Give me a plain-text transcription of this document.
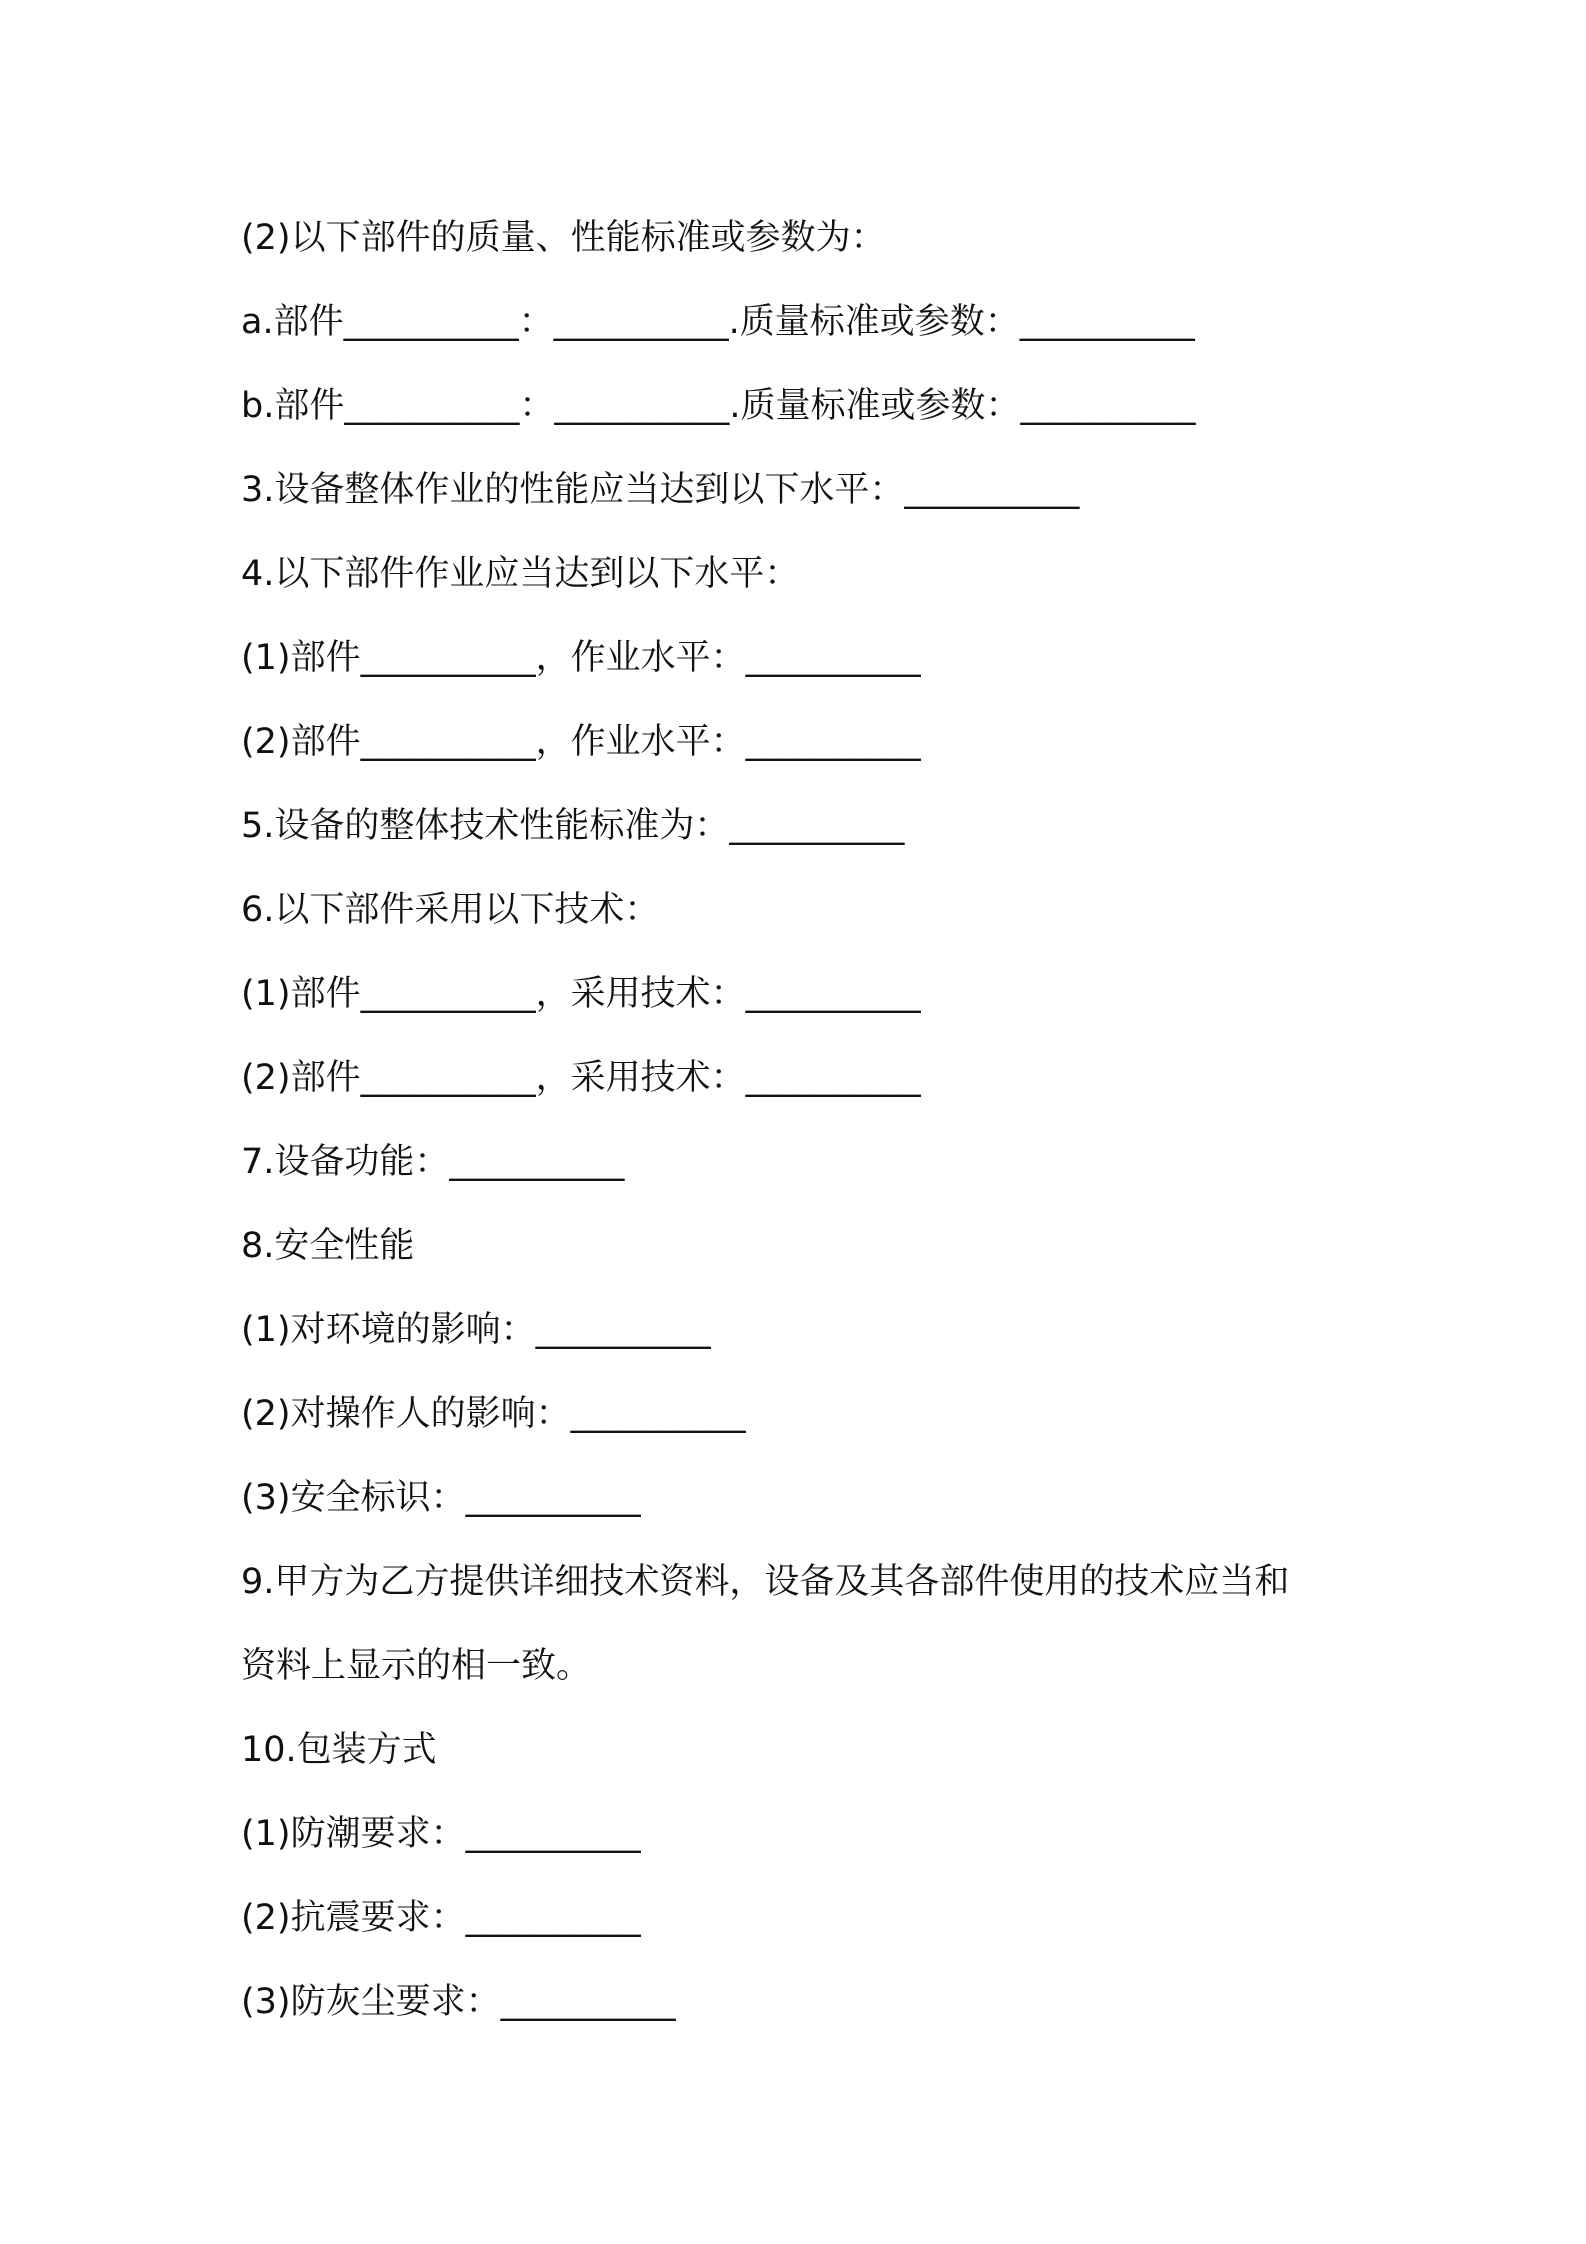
(2)以下部件的质量、性能标准或参数为：

a.部件__________：__________.质量标准或参数：__________

b.部件__________：__________.质量标准或参数：__________

3.设备整体作业的性能应当达到以下水平：__________

4.以下部件作业应当达到以下水平：

(1)部件__________，作业水平：__________

(2)部件__________，作业水平：__________

5.设备的整体技术性能标准为：__________

6.以下部件采用以下技术：

(1)部件__________，采用技术：__________

(2)部件__________，采用技术：__________

7.设备功能：__________

8.安全性能

(1)对环境的影响：__________

(2)对操作人的影响：__________

(3)安全标识：__________

9.甲方为乙方提供详细技术资料，设备及其各部件使用的技术应当和

资料上显示的相一致。

10.包装方式

(1)防潮要求：__________

(2)抗震要求：__________

(3)防灰尘要求：__________
